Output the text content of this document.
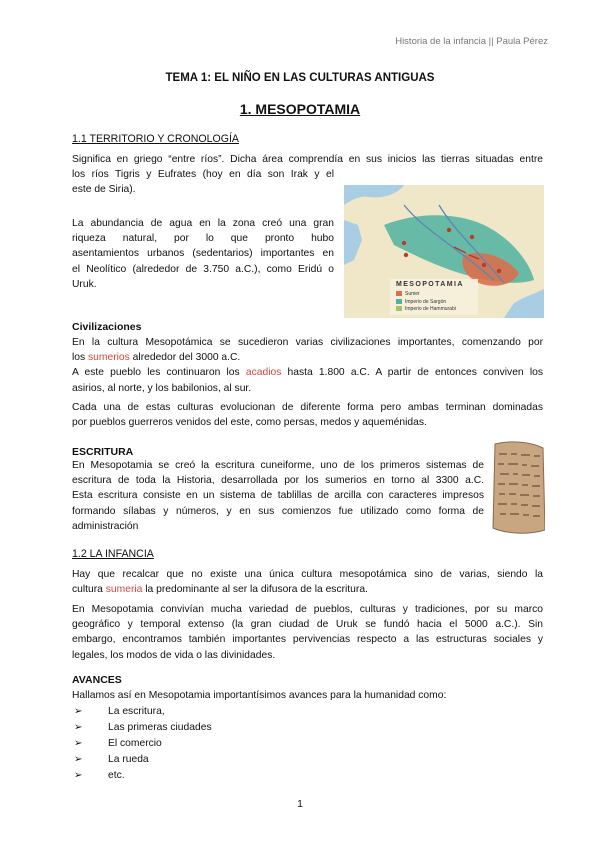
Historia de la infancia || Paula Pérez
TEMA 1: EL NIÑO EN LAS CULTURAS ANTIGUAS
1. MESOPOTAMIA
1.1 TERRITORIO Y CRONOLOGÍA
Significa en griego “entre ríos”. Dicha área comprendía en sus inicios las tierras situadas entre
los ríos Tigris y Eufrates (hoy en día son Irak y el
este de Siria).
La abundancia de agua en la zona creó una gran
riqueza natural, por lo que pronto hubo
asentamientos urbanos (sedentarios) importantes en
el Neolítico (alrededor de 3.750 a.C.), como Eridú o
Uruk.	MESOPOTAMIA
Sumer
Imperio de Sargón
Imperio de Hammurabi
Civilizaciones
En la cultura Mesopotámica se sucedieron varias civilizaciones importantes, comenzando por
los sumerios alrededor del 3000 a.C.
A este pueblo les continuaron los acadios hasta 1.800 a.C. A partir de entonces conviven los
asirios, al norte, y los babilonios, al sur.
Cada una de estas culturas evolucionan de diferente forma pero ambas terminan dominadas
por pueblos guerreros venidos del este, como persas, medos y aqueménidas.
ESCRITURA
En Mesopotamia se creó la escritura cuneiforme, uno de los primeros sistemas de
escritura de toda la Historia, desarrollada por los sumerios en torno al 3300 a.C.
Esta escritura consiste en un sistema de tablillas de arcilla con caracteres impresos
formando sílabas y números, y en sus comienzos fue utilizado como forma de
administración
1.2 LA INFANCIA
Hay que recalcar que no existe una única cultura mesopotámica sino de varias, siendo la
cultura sumeria la predominante al ser la difusora de la escritura.
En Mesopotamia convivían mucha variedad de pueblos, culturas y tradiciones, por su marco
geográfico y temporal extenso (la gran ciudad de Uruk se fundó hacia el 5000 a.C.). Sin
embargo, encontramos también importantes pervivencias respecto a las estructuras sociales y
legales, los modos de vida o las divinidades.
AVANCES
Hallamos así en Mesopotamia importantísimos avances para la humanidad como:
➢ La escritura,
➢ Las primeras ciudades
➢ El comercio
➢ La rueda
➢ etc.
1
